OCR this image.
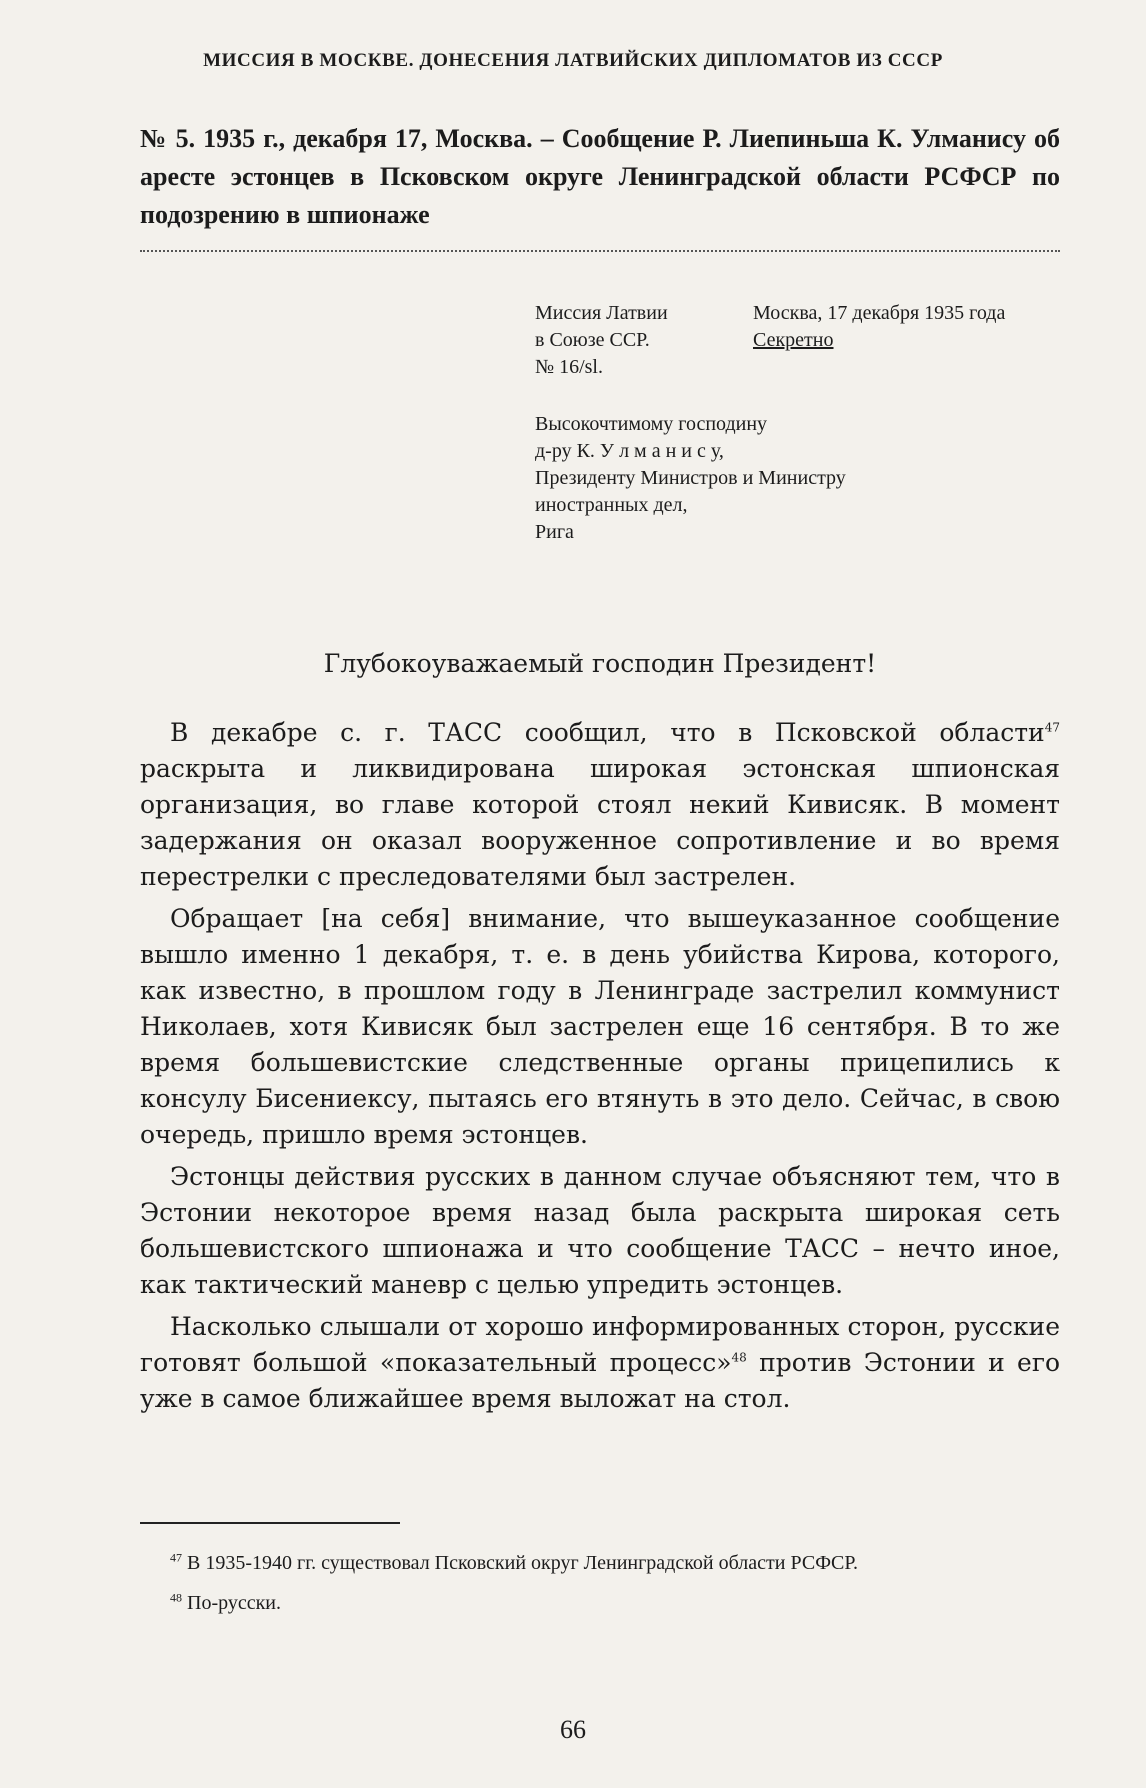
МИССИЯ В МОСКВЕ. ДОНЕСЕНИЯ ЛАТВИЙСКИХ ДИПЛОМАТОВ ИЗ СССР
№ 5. 1935 г., декабря 17, Москва. – Сообщение Р. Лиепиньша К. Улманису об аресте эстонцев в Псковском округе Ленинградской области РСФСР по подозрению в шпионаже
Миссия Латвии
в Союзе ССР.
№ 16/sl.
Москва, 17 декабря 1935 года
Секретно
Высокочтимому господину
д-ру К. У л м а н и с у,
Президенту Министров и Министру
иностранных дел,
Рига
Глубокоуважаемый господин Президент!

В декабре с. г. ТАСС сообщил, что в Псковской области$^{47}$ раскрыта и ликвидирована широкая эстонская шпионская организация, во главе которой стоял некий Кивисяк. В момент задержания он оказал вооруженное сопротивление и во время перестрелки с преследователями был застрелен.

Обращает [на себя] внимание, что вышеуказанное сообщение вышло именно 1 декабря, т. е. в день убийства Кирова, которого, как известно, в прошлом году в Ленинграде застрелил коммунист Николаев, хотя Кивисяк был застрелен еще 16 сентября. В то же время большевистские следственные органы прицепились к консулу Бисениексу, пытаясь его втянуть в это дело. Сейчас, в свою очередь, пришло время эстонцев.

Эстонцы действия русских в данном случае объясняют тем, что в Эстонии некоторое время назад была раскрыта широкая сеть большевистского шпионажа и что сообщение ТАСС – нечто иное, как тактический маневр с целью упредить эстонцев.

Насколько слышали от хорошо информированных сторон, русские готовят большой «показательный процесс»$^{48}$ против Эстонии и его уже в самое ближайшее время выложат на стол.

$^{47}$ В 1935-1940 гг. существовал Псковский округ Ленинградской области РСФСР.

$^{48}$ По-русски.

66
